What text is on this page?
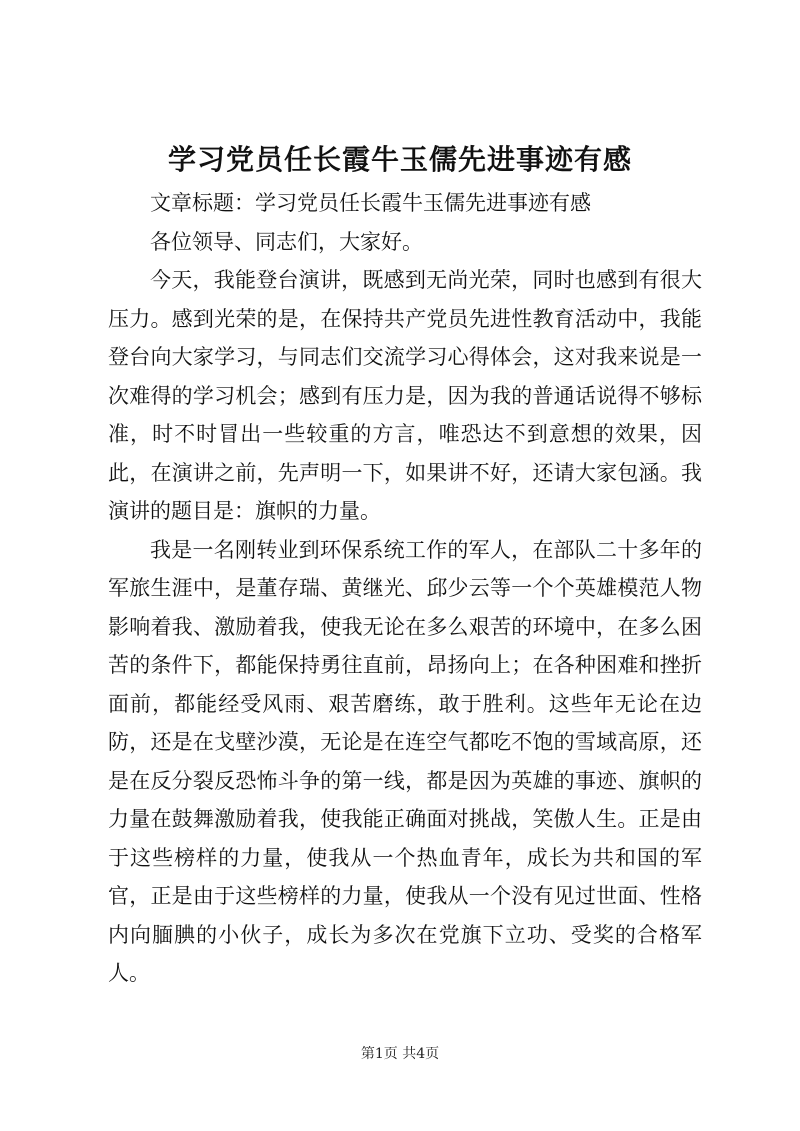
学习党员任长霞牛玉儒先进事迹有感

文章标题：学习党员任长霞牛玉儒先进事迹有感

各位领导、同志们，大家好。

今天，我能登台演讲，既感到无尚光荣，同时也感到有很大压力。感到光荣的是，在保持共产党员先进性教育活动中，我能登台向大家学习，与同志们交流学习心得体会，这对我来说是一次难得的学习机会；感到有压力是，因为我的普通话说得不够标准，时不时冒出一些较重的方言，唯恐达不到意想的效果，因此，在演讲之前，先声明一下，如果讲不好，还请大家包涵。我演讲的题目是：旗帜的力量。

我是一名刚转业到环保系统工作的军人，在部队二十多年的军旅生涯中，是董存瑞、黄继光、邱少云等一个个英雄模范人物影响着我、激励着我，使我无论在多么艰苦的环境中，在多么困苦的条件下，都能保持勇往直前，昂扬向上；在各种困难和挫折面前，都能经受风雨、艰苦磨练，敢于胜利。这些年无论在边防，还是在戈壁沙漠，无论是在连空气都吃不饱的雪域高原，还是在反分裂反恐怖斗争的第一线，都是因为英雄的事迹、旗帜的力量在鼓舞激励着我，使我能正确面对挑战，笑傲人生。正是由于这些榜样的力量，使我从一个热血青年，成长为共和国的军官，正是由于这些榜样的力量，使我从一个没有见过世面、性格内向腼腆的小伙子，成长为多次在党旗下立功、受奖的合格军人。

第1页 共4页
